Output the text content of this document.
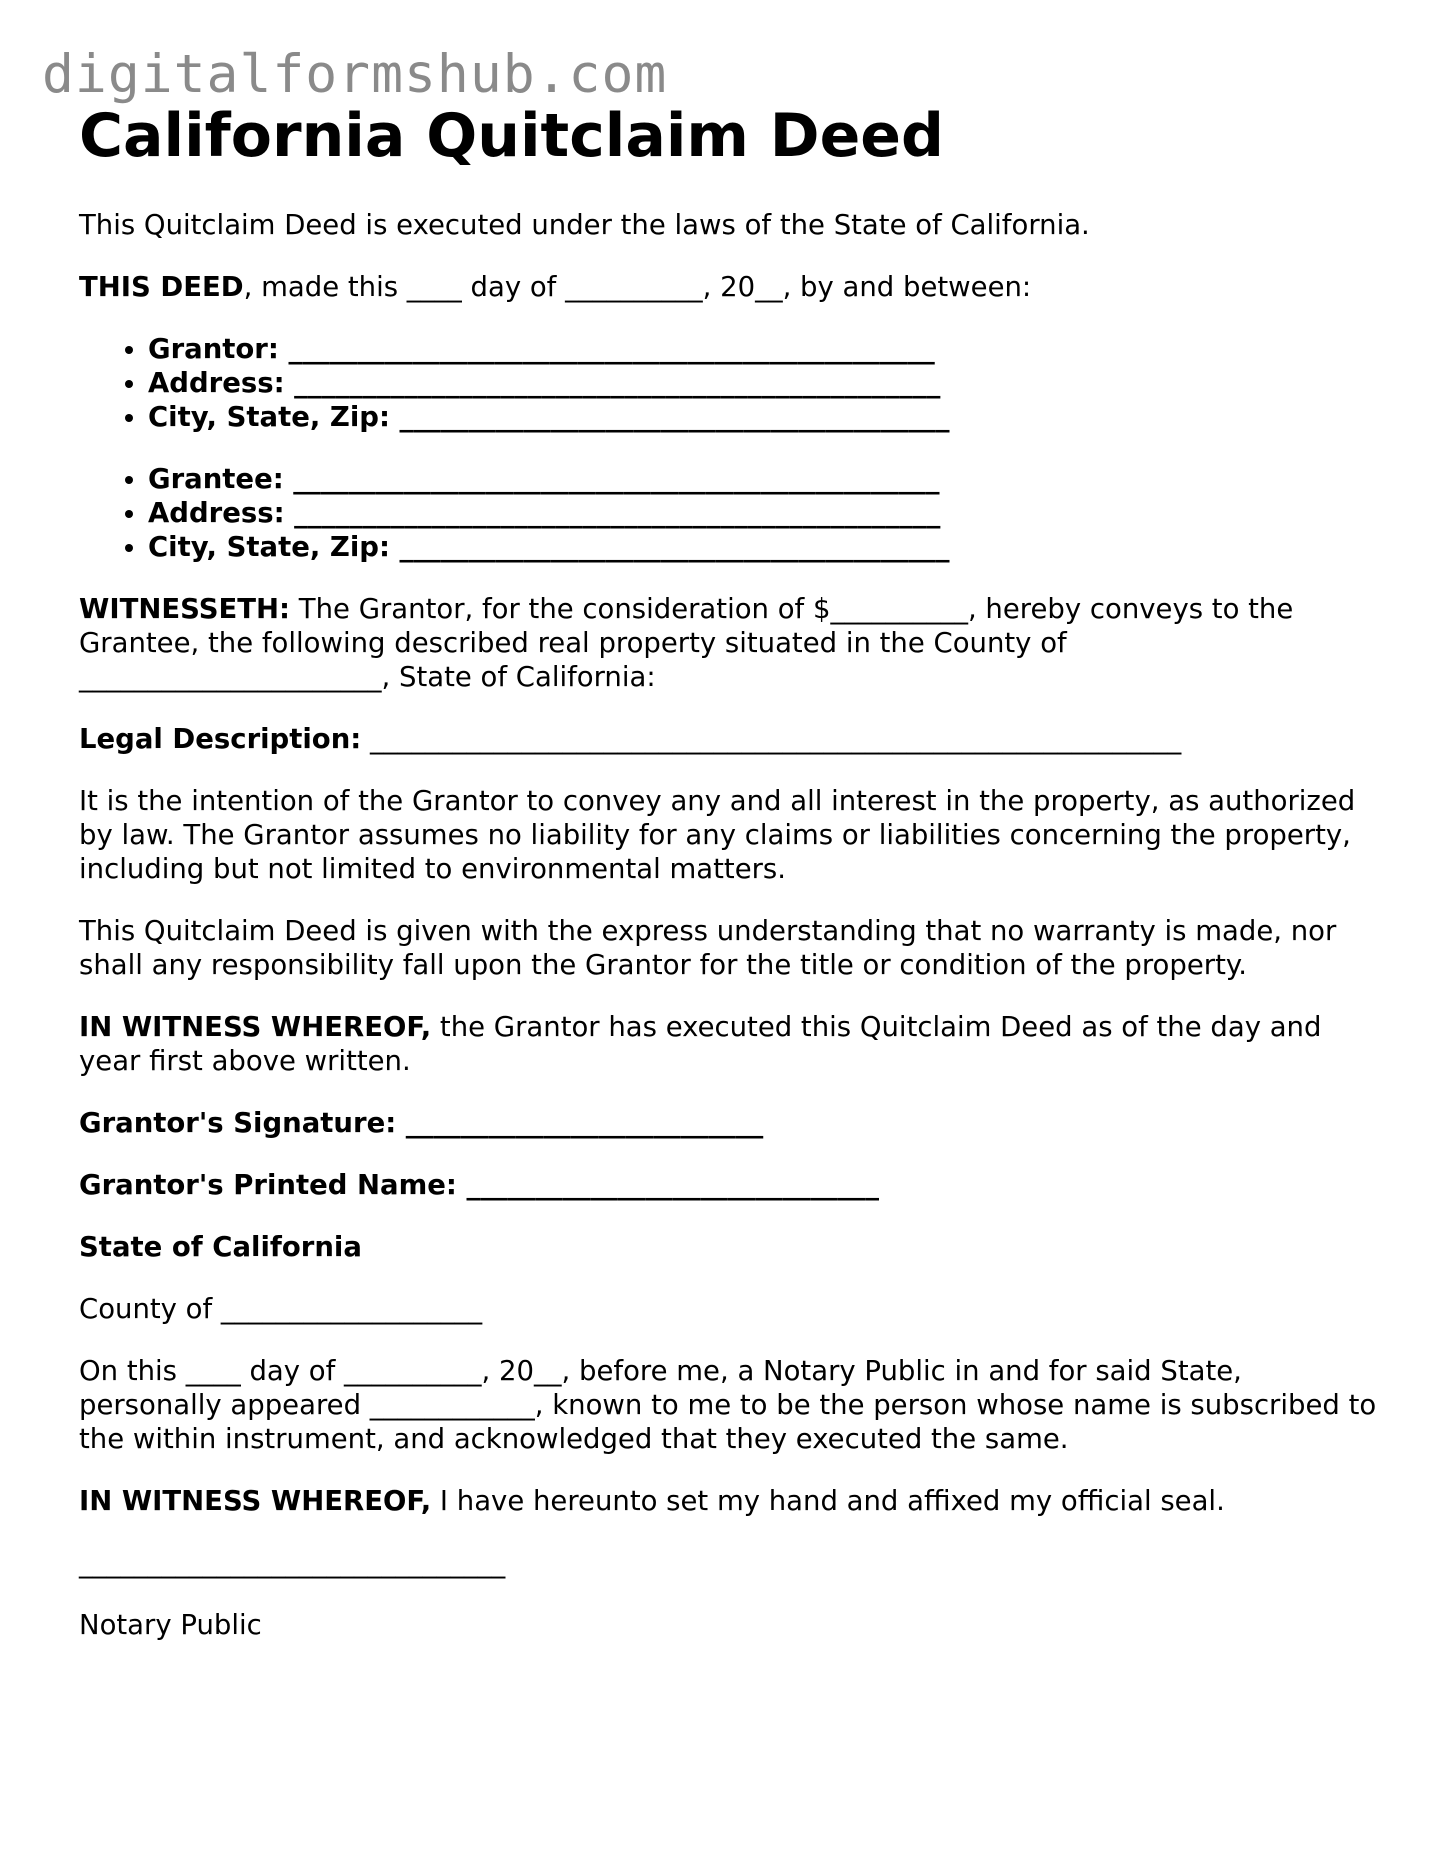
digitalformshub.com
California Quitclaim Deed

This Quitclaim Deed is executed under the laws of the State of California.

THIS DEED, made this ____ day of __________, 20__, by and between:

• Grantor: _______________________________________________
• Address: _______________________________________________
• City, State, Zip: ________________________________________
• Grantee: _______________________________________________
• Address: _______________________________________________
• City, State, Zip: ________________________________________

WITNESSETH: The Grantor, for the consideration of $__________, hereby conveys to the Grantee, the following described real property situated in the County of ______________________, State of California:

Legal Description: ___________________________________________________________

It is the intention of the Grantor to convey any and all interest in the property, as authorized by law. The Grantor assumes no liability for any claims or liabilities concerning the property, including but not limited to environmental matters.

This Quitclaim Deed is given with the express understanding that no warranty is made, nor shall any responsibility fall upon the Grantor for the title or condition of the property.

IN WITNESS WHEREOF, the Grantor has executed this Quitclaim Deed as of the day and year first above written.

Grantor's Signature: __________________________

Grantor's Printed Name: ______________________________

State of California

County of ___________________

On this ____ day of __________, 20__, before me, a Notary Public in and for said State, personally appeared ____________, known to me to be the person whose name is subscribed to the within instrument, and acknowledged that they executed the same.

IN WITNESS WHEREOF, I have hereunto set my hand and affixed my official seal.

_______________________________

Notary Public
